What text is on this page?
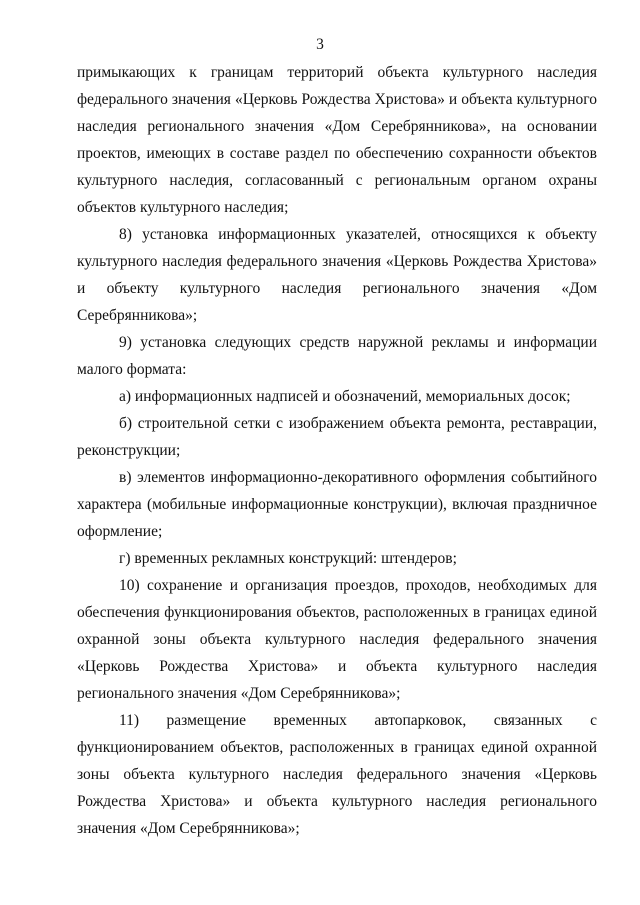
3

примыкающих к границам территорий объекта культурного наследия федерального значения «Церковь Рождества Христова» и объекта культурного наследия регионального значения «Дом Серебрянникова», на основании проектов, имеющих в составе раздел по обеспечению сохранности объектов культурного наследия, согласованный с региональным органом охраны объектов культурного наследия;

8) установка информационных указателей, относящихся к объекту культурного наследия федерального значения «Церковь Рождества Христова» и объекту культурного наследия регионального значения «Дом Серебрянникова»;

9) установка следующих средств наружной рекламы и информации малого формата:

а) информационных надписей и обозначений, мемориальных досок;

б) строительной сетки с изображением объекта ремонта, реставрации, реконструкции;

в) элементов информационно-декоративного оформления событийного характера (мобильные информационные конструкции), включая праздничное оформление;

г) временных рекламных конструкций: штендеров;

10) сохранение и организация проездов, проходов, необходимых для обеспечения функционирования объектов, расположенных в границах единой охранной зоны объекта культурного наследия федерального значения «Церковь Рождества Христова» и объекта культурного наследия регионального значения «Дом Серебрянникова»;

11) размещение временных автопарковок, связанных с функционированием объектов, расположенных в границах единой охранной зоны объекта культурного наследия федерального значения «Церковь Рождества Христова» и объекта культурного наследия регионального значения «Дом Серебрянникова»;
